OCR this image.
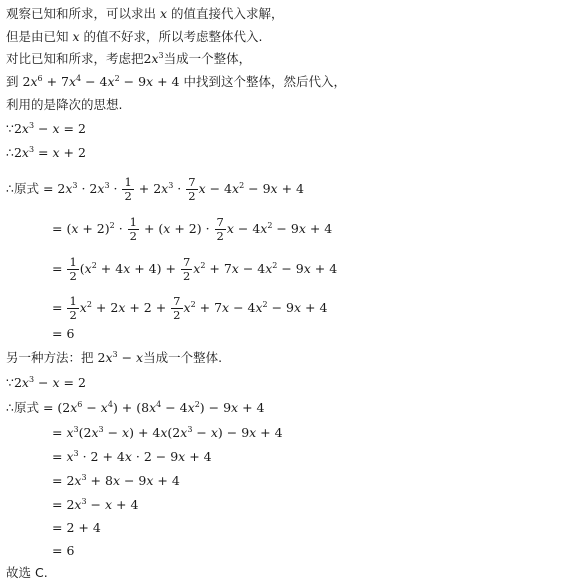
观察已知和所求，可以求出 x 的值直接代入求解，
但是由已知 x 的值不好求，所以考虑整体代入.
对比已知和所求，考虑把$2x^3$当成一个整体，
到 $2x^6 + 7x^4 - 4x^2 - 9x + 4$ 中找到这个整体，然后代入，
利用的是降次的思想.
$\because 2x^3 - x = 2$
$\therefore 2x^3 = x + 2$
∴原式 = $2x^3 \cdot 2x^3 \cdot \frac{1}{2} + 2x^3 \cdot \frac{7}{2}$ $x - 4x^2 - 9x + 4$
= $(x + 2)^2 \cdot \frac{1}{2} + (x + 2) \cdot \frac{7}{2}$ $x - 4x^2 - 9x + 4$
= $\frac{1}{2} (x^2 + 4x + 4) + \frac{7}{2} x^2 + 7x - 4x^2 - 9x + 4$
= $\frac{1}{2} x^2 + 2x + 2 + \frac{7}{2} x^2 + 7x - 4x^2 - 9x + 4$
= 6
另一种方法：把 $2x^3 - x$当成一个整体.
$\because 2x^3 - x = 2$
∴原式 = $(2x^6 - x^4) + (8x^4 - 4x^2) - 9x + 4$
= $x^3(2x^3 - x) + 4x(2x^3 - x) - 9x + 4$
= $x^3 \cdot 2 + 4x \cdot 2 - 9x + 4$
= $2x^3 + 8x - 9x + 4$
= $2x^3 - x + 4$
= 2 + 4
= 6
故选 C.
